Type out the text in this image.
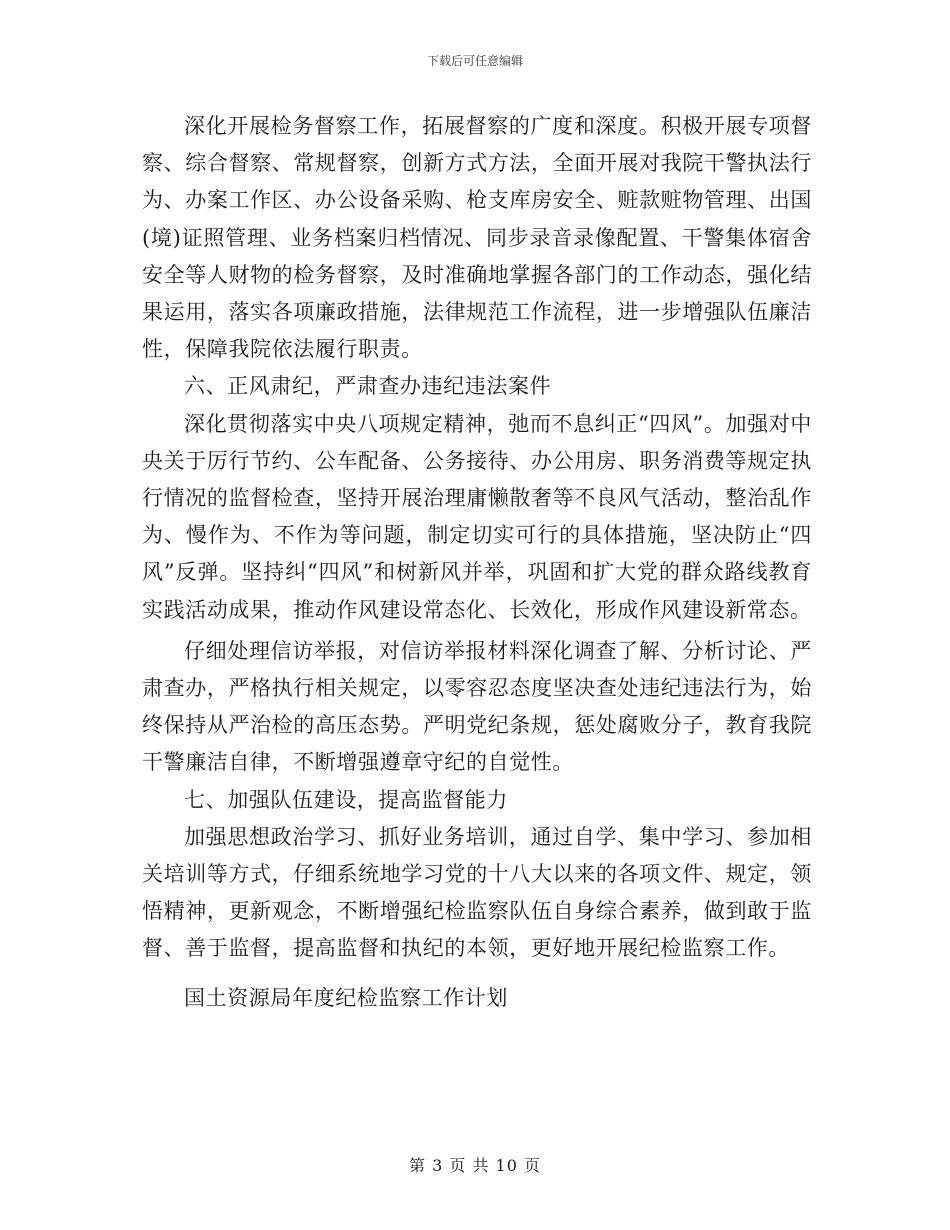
下载后可任意编辑

深化开展检务督察工作，拓展督察的广度和深度。积极开展专项督察、综合督察、常规督察，创新方式方法，全面开展对我院干警执法行为、办案工作区、办公设备采购、枪支库房安全、赃款赃物管理、出国(境)证照管理、业务档案归档情况、同步录音录像配置、干警集体宿舍安全等人财物的检务督察，及时准确地掌握各部门的工作动态，强化结果运用，落实各项廉政措施，法律规范工作流程，进一步增强队伍廉洁性，保障我院依法履行职责。

六、正风肃纪，严肃查办违纪违法案件

深化贯彻落实中央八项规定精神，弛而不息纠正“四风”。加强对中央关于厉行节约、公车配备、公务接待、办公用房、职务消费等规定执行情况的监督检查，坚持开展治理庸懒散奢等不良风气活动，整治乱作为、慢作为、不作为等问题，制定切实可行的具体措施，坚决防止“四风”反弹。坚持纠“四风”和树新风并举，巩固和扩大党的群众路线教育实践活动成果，推动作风建设常态化、长效化，形成作风建设新常态。

仔细处理信访举报，对信访举报材料深化调查了解、分析讨论、严肃查办，严格执行相关规定，以零容忍态度坚决查处违纪违法行为，始终保持从严治检的高压态势。严明党纪条规，惩处腐败分子，教育我院干警廉洁自律，不断增强遵章守纪的自觉性。

七、加强队伍建设，提高监督能力

加强思想政治学习、抓好业务培训，通过自学、集中学习、参加相关培训等方式，仔细系统地学习党的十八大以来的各项文件、规定，领悟精神，更新观念，不断增强纪检监察队伍自身综合素养，做到敢于监督、善于监督，提高监督和执纪的本领，更好地开展纪检监察工作。

国土资源局年度纪检监察工作计划

第 3 页 共 10 页
